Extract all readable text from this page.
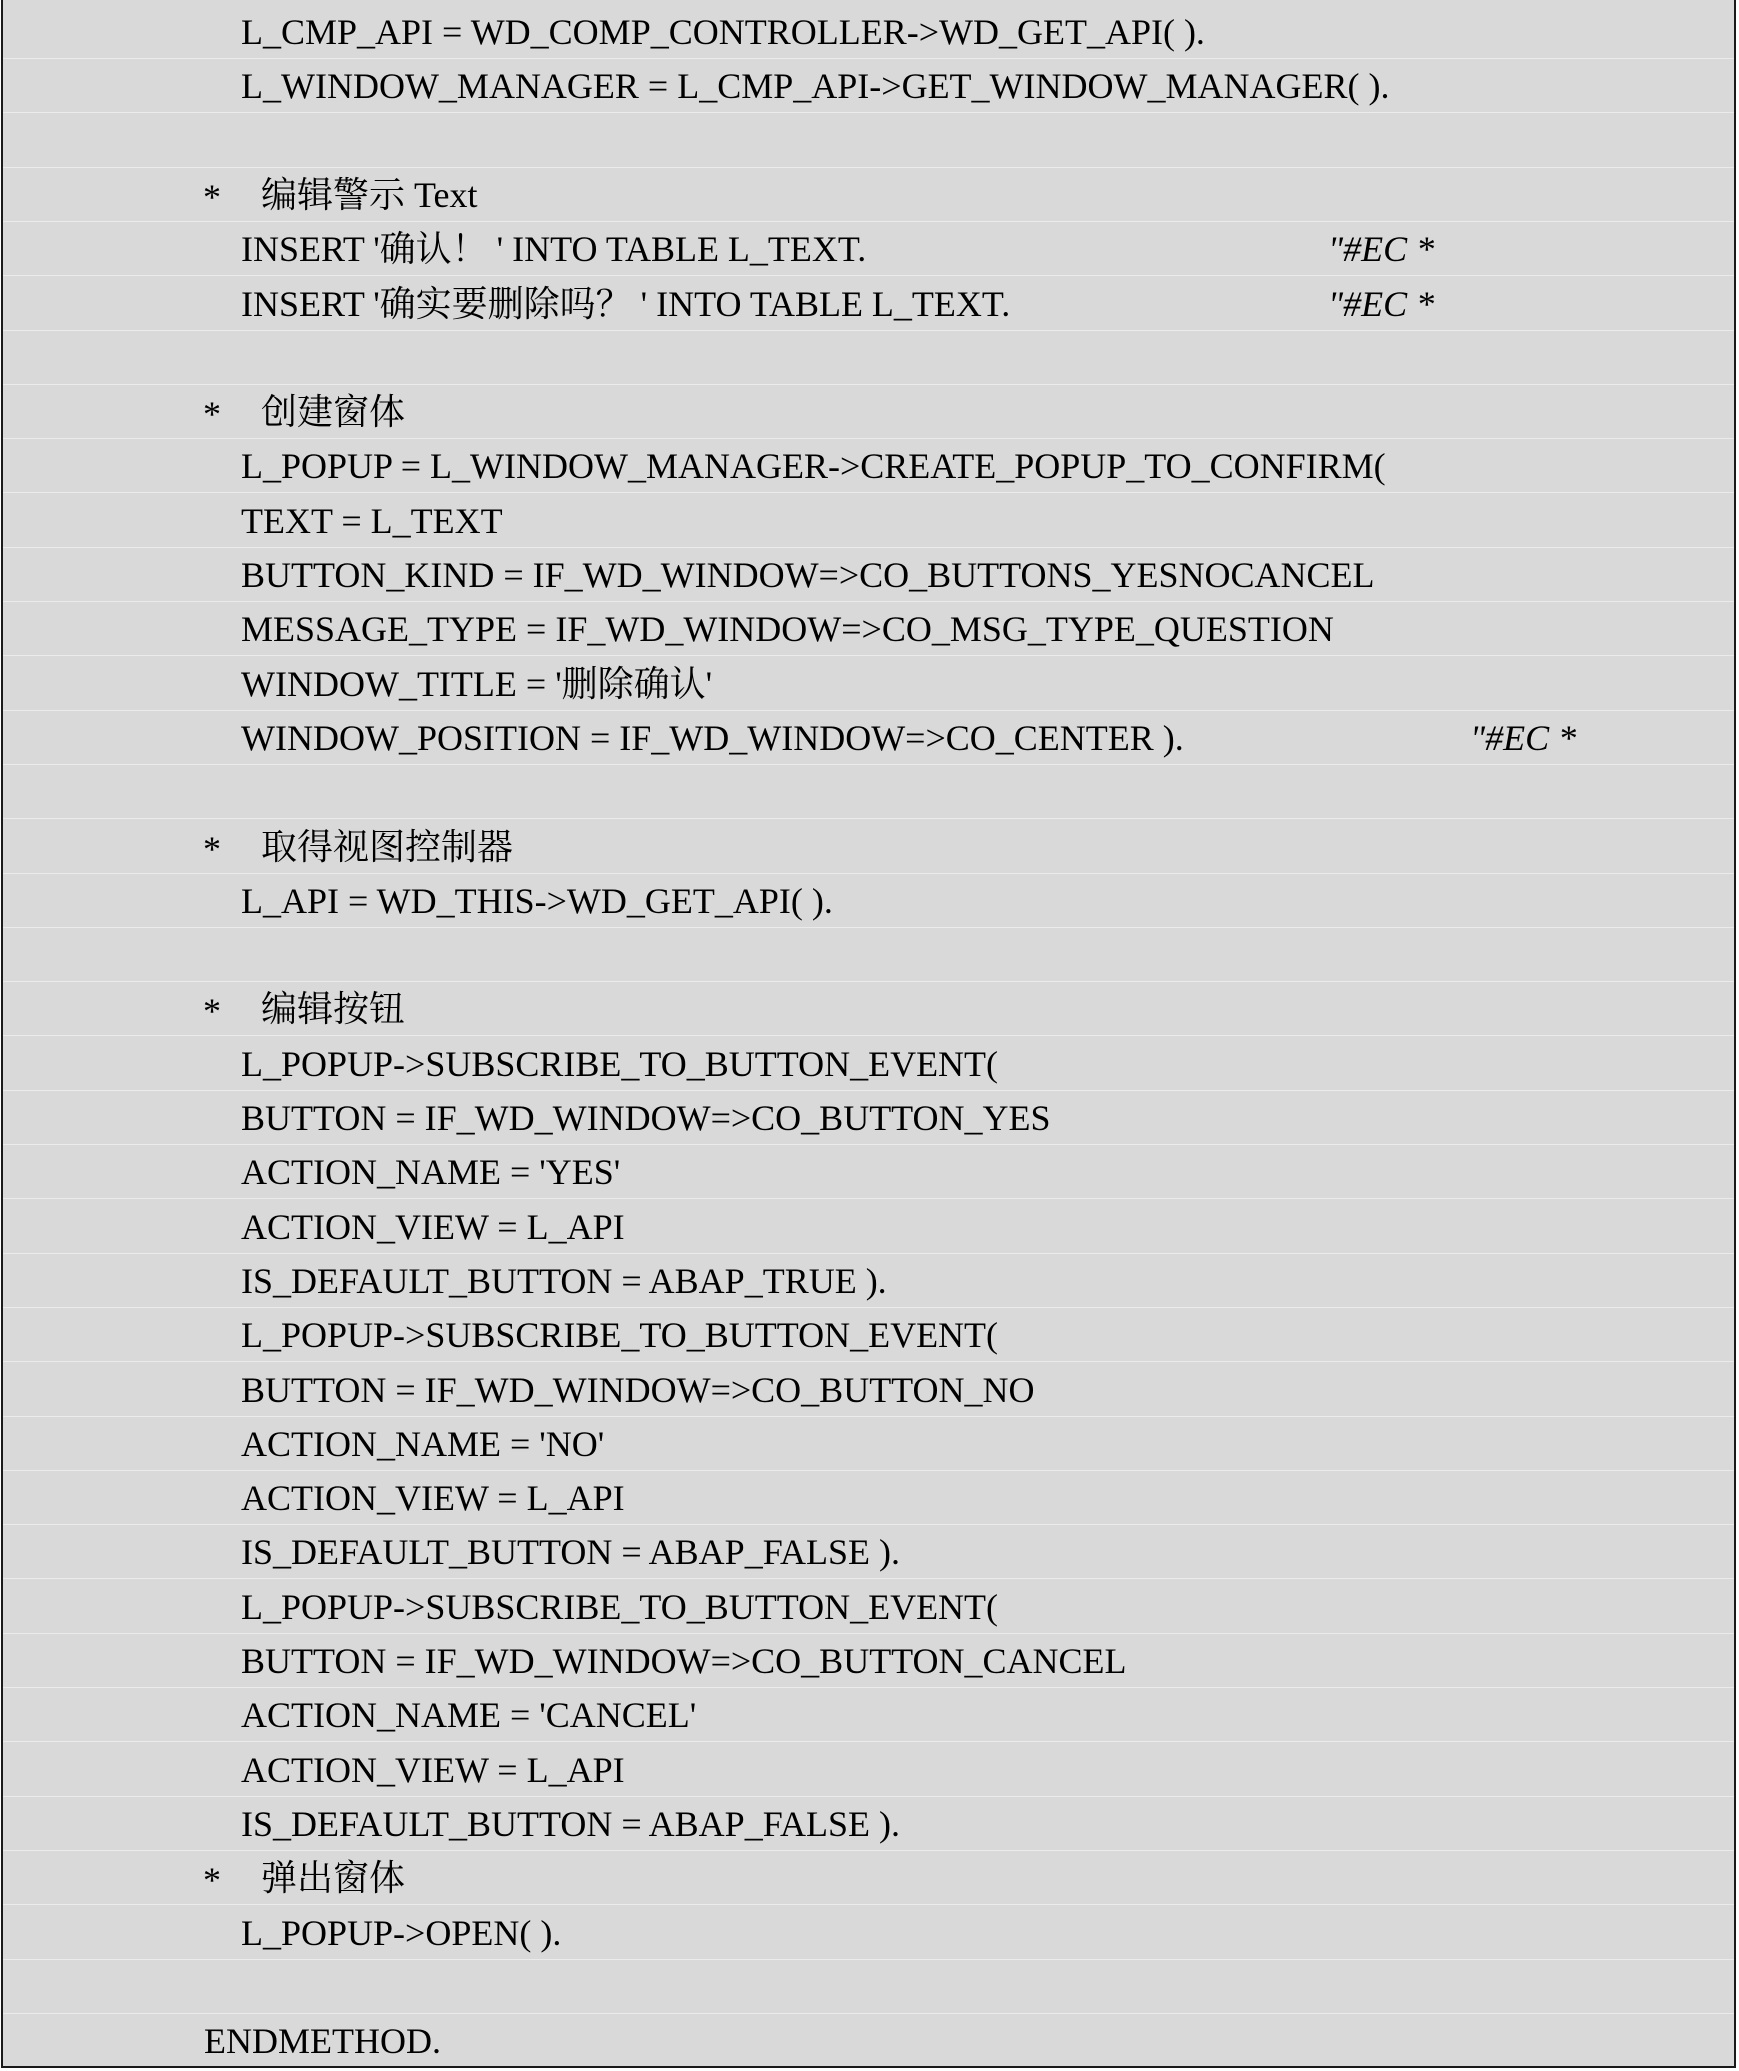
L_CMP_API = WD_COMP_CONTROLLER->WD_GET_API( ).
L_WINDOW_MANAGER = L_CMP_API->GET_WINDOW_MANAGER( ).
* 编辑警示 Text
INSERT '确认！ ' INTO TABLE L_TEXT.	"#EC *
INSERT '确实要删除吗？ ' INTO TABLE L_TEXT.	"#EC *
* 创建窗体
L_POPUP = L_WINDOW_MANAGER->CREATE_POPUP_TO_CONFIRM(
TEXT = L_TEXT
BUTTON_KIND = IF_WD_WINDOW=>CO_BUTTONS_YESNOCANCEL
MESSAGE_TYPE = IF_WD_WINDOW=>CO_MSG_TYPE_QUESTION
WINDOW_TITLE = '删除确认'
WINDOW_POSITION = IF_WD_WINDOW=>CO_CENTER ).	"#EC *
* 取得视图控制器
L_API = WD_THIS->WD_GET_API( ).
* 编辑按钮
L_POPUP->SUBSCRIBE_TO_BUTTON_EVENT(
BUTTON = IF_WD_WINDOW=>CO_BUTTON_YES
ACTION_NAME = 'YES'
ACTION_VIEW = L_API
IS_DEFAULT_BUTTON = ABAP_TRUE ).
L_POPUP->SUBSCRIBE_TO_BUTTON_EVENT(
BUTTON = IF_WD_WINDOW=>CO_BUTTON_NO
ACTION_NAME = 'NO'
ACTION_VIEW = L_API
IS_DEFAULT_BUTTON = ABAP_FALSE ).
L_POPUP->SUBSCRIBE_TO_BUTTON_EVENT(
BUTTON = IF_WD_WINDOW=>CO_BUTTON_CANCEL
ACTION_NAME = 'CANCEL'
ACTION_VIEW = L_API
IS_DEFAULT_BUTTON = ABAP_FALSE ).
* 弹出窗体
L_POPUP->OPEN( ).
ENDMETHOD.
